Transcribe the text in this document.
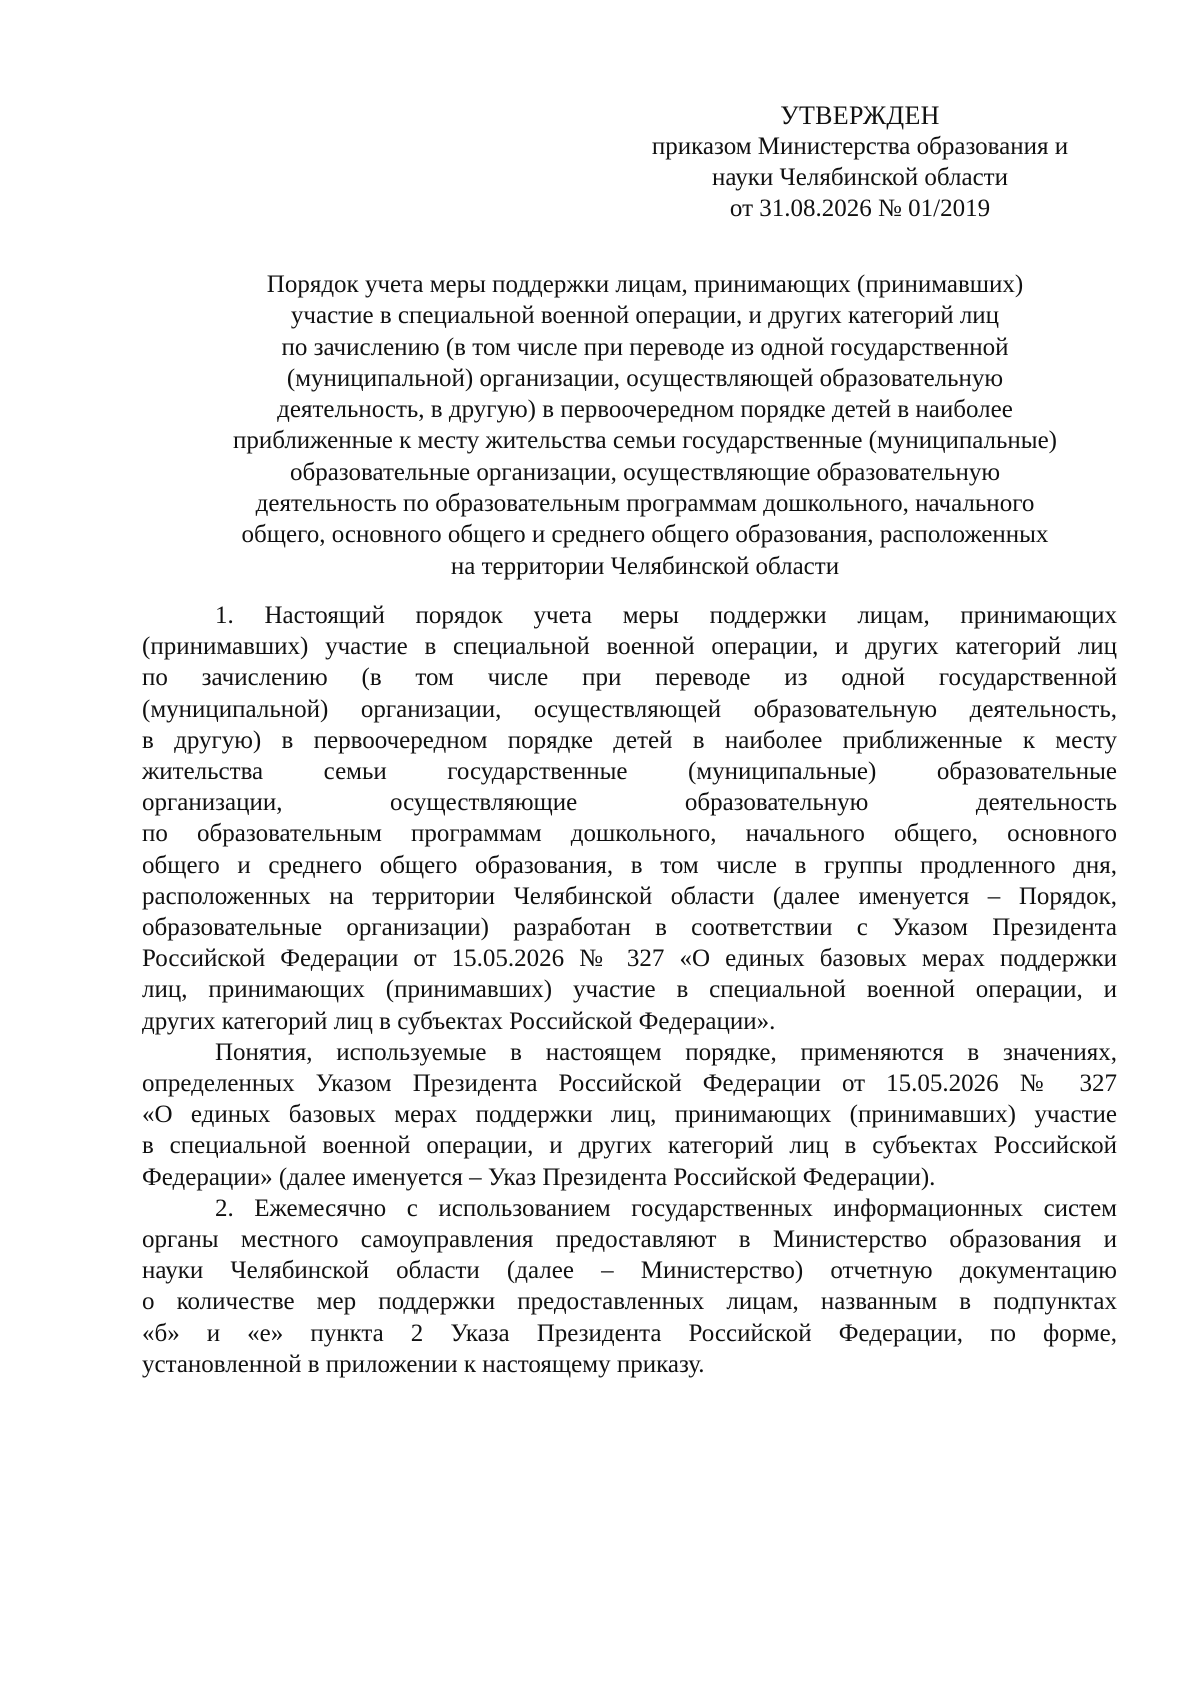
УТВЕРЖДЕН
приказом Министерства образования и
науки Челябинской области
от 31.08.2026 № 01/2019
Порядок учета меры поддержки лицам, принимающих (принимавших)
участие в специальной военной операции, и других категорий лиц
по зачислению (в том числе при переводе из одной государственной
(муниципальной) организации, осуществляющей образовательную
деятельность, в другую) в первоочередном порядке детей в наиболее
приближенные к месту жительства семьи государственные (муниципальные)
образовательные организации, осуществляющие образовательную
деятельность по образовательным программам дошкольного, начального
общего, основного общего и среднего общего образования, расположенных
на территории Челябинской области

1. Настоящий порядок учета меры поддержки лицам, принимающих
(принимавших) участие в специальной военной операции, и других категорий лиц
по зачислению (в том числе при переводе из одной государственной
(муниципальной) организации, осуществляющей образовательную деятельность,
в другую) в первоочередном порядке детей в наиболее приближенные к месту
жительства семьи государственные (муниципальные) образовательные
организации, осуществляющие образовательную деятельность
по образовательным программам дошкольного, начального общего, основного
общего и среднего общего образования, в том числе в группы продленного дня,
расположенных на территории Челябинской области (далее именуется – Порядок,
образовательные организации) разработан в соответствии с Указом Президента
Российской Федерации от 15.05.2026 № 327 «О единых базовых мерах поддержки
лиц, принимающих (принимавших) участие в специальной военной операции, и
других категорий лиц в субъектах Российской Федерации».

Понятия, используемые в настоящем порядке, применяются в значениях,
определенных Указом Президента Российской Федерации от 15.05.2026 № 327
«О единых базовых мерах поддержки лиц, принимающих (принимавших) участие
в специальной военной операции, и других категорий лиц в субъектах Российской
Федерации» (далее именуется – Указ Президента Российской Федерации).

2. Ежемесячно с использованием государственных информационных систем
органы местного самоуправления предоставляют в Министерство образования и
науки Челябинской области (далее – Министерство) отчетную документацию
о количестве мер поддержки предоставленных лицам, названным в подпунктах
«б» и «е» пункта 2 Указа Президента Российской Федерации, по форме,
установленной в приложении к настоящему приказу.
